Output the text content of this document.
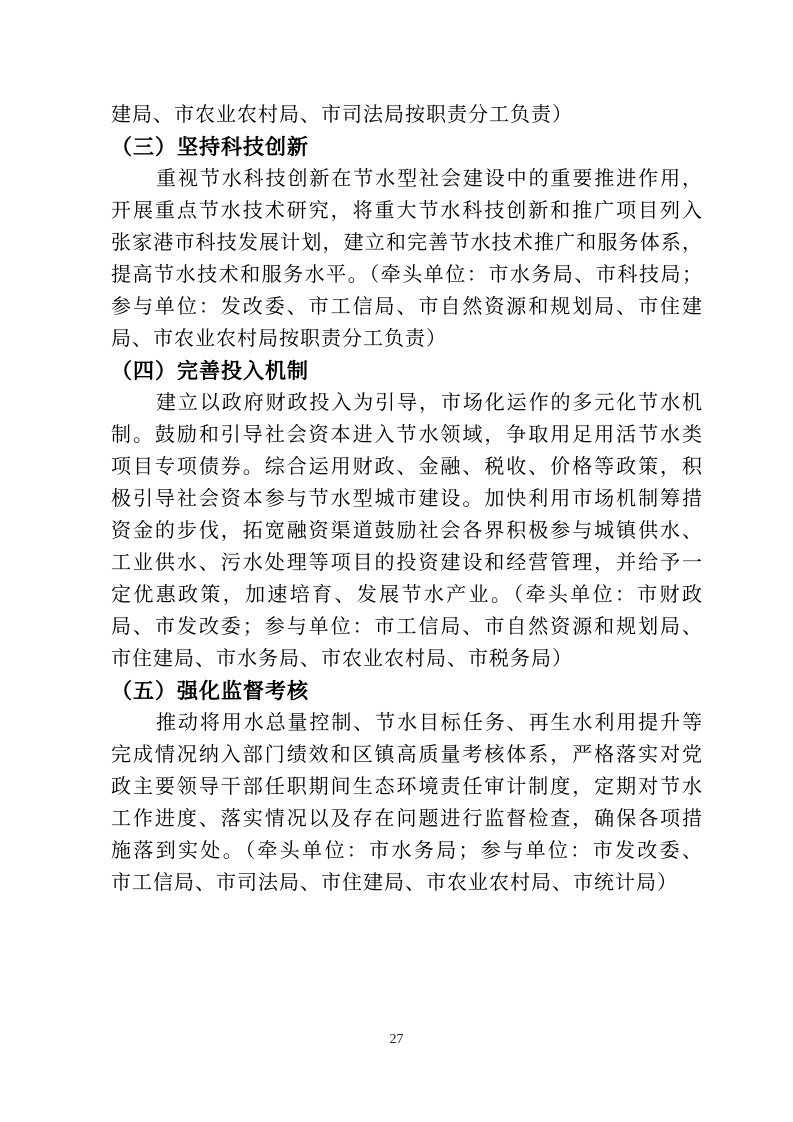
建局、市农业农村局、市司法局按职责分工负责）
（三）坚持科技创新
重视节水科技创新在节水型社会建设中的重要推进作用，
开展重点节水技术研究，将重大节水科技创新和推广项目列入
张家港市科技发展计划，建立和完善节水技术推广和服务体系，
提高节水技术和服务水平。（牵头单位：市水务局、市科技局；
参与单位：发改委、市工信局、市自然资源和规划局、市住建
局、市农业农村局按职责分工负责）
（四）完善投入机制
建立以政府财政投入为引导，市场化运作的多元化节水机
制。鼓励和引导社会资本进入节水领域，争取用足用活节水类
项目专项债券。综合运用财政、金融、税收、价格等政策，积
极引导社会资本参与节水型城市建设。加快利用市场机制筹措
资金的步伐，拓宽融资渠道鼓励社会各界积极参与城镇供水、
工业供水、污水处理等项目的投资建设和经营管理，并给予一
定优惠政策，加速培育、发展节水产业。（牵头单位：市财政
局、市发改委；参与单位：市工信局、市自然资源和规划局、
市住建局、市水务局、市农业农村局、市税务局）
（五）强化监督考核
推动将用水总量控制、节水目标任务、再生水利用提升等
完成情况纳入部门绩效和区镇高质量考核体系，严格落实对党
政主要领导干部任职期间生态环境责任审计制度，定期对节水
工作进度、落实情况以及存在问题进行监督检查，确保各项措
施落到实处。（牵头单位：市水务局；参与单位：市发改委、
市工信局、市司法局、市住建局、市农业农村局、市统计局）
27
